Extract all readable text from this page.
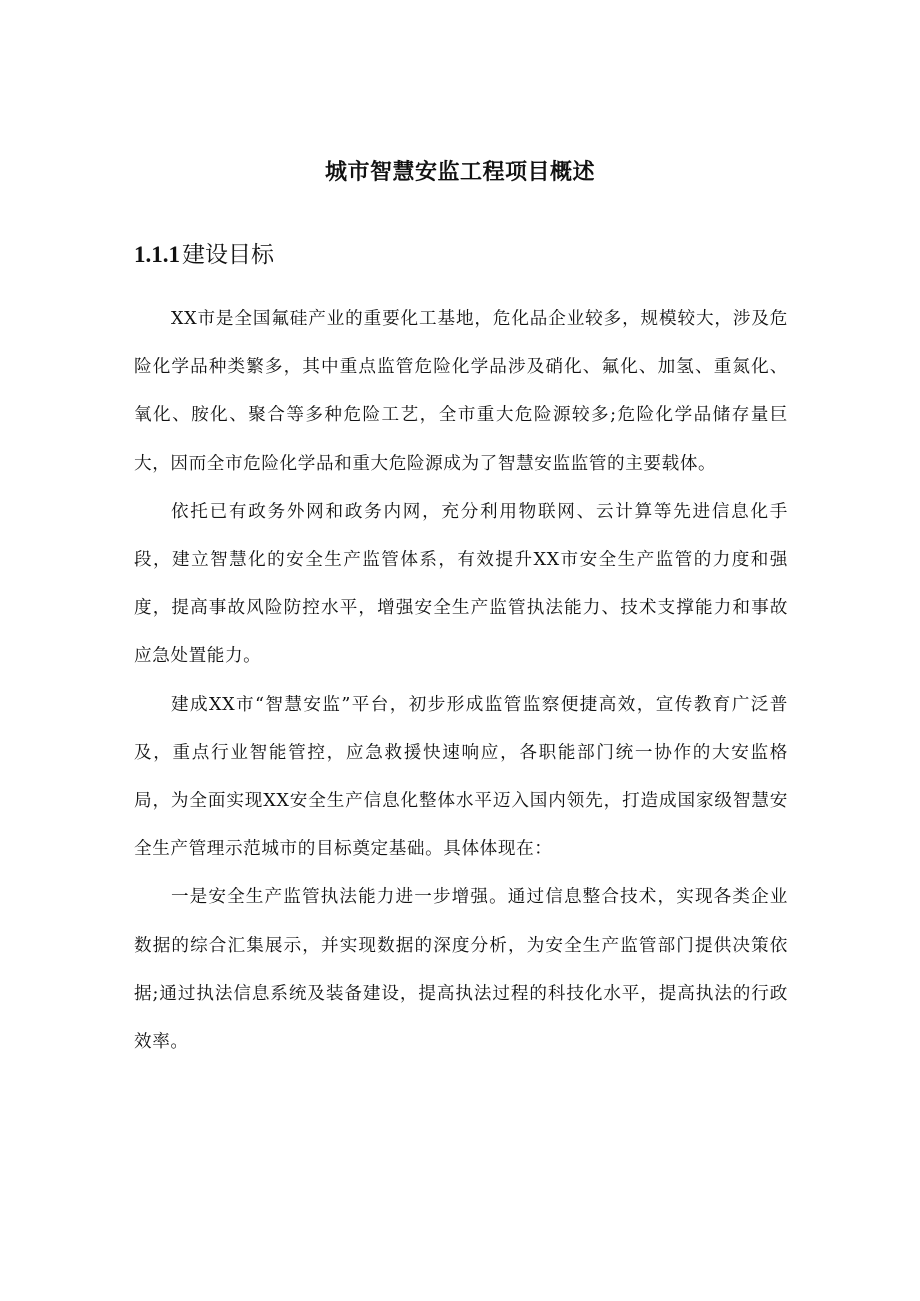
城市智慧安监工程项目概述
1.1.1建设目标

XX市是全国氟硅产业的重要化工基地，危化品企业较多，规模较大，涉及危险化学品种类繁多，其中重点监管危险化学品涉及硝化、氟化、加氢、重氮化、氧化、胺化、聚合等多种危险工艺，全市重大危险源较多;危险化学品储存量巨大，因而全市危险化学品和重大危险源成为了智慧安监监管的主要载体。

依托已有政务外网和政务内网，充分利用物联网、云计算等先进信息化手段，建立智慧化的安全生产监管体系，有效提升XX市安全生产监管的力度和强度，提高事故风险防控水平，增强安全生产监管执法能力、技术支撑能力和事故应急处置能力。

建成XX市“智慧安监”平台，初步形成监管监察便捷高效，宣传教育广泛普及，重点行业智能管控，应急救援快速响应，各职能部门统一协作的大安监格局，为全面实现XX安全生产信息化整体水平迈入国内领先，打造成国家级智慧安全生产管理示范城市的目标奠定基础。具体体现在：

一是安全生产监管执法能力进一步增强。通过信息整合技术，实现各类企业数据的综合汇集展示，并实现数据的深度分析，为安全生产监管部门提供决策依据;通过执法信息系统及装备建设，提高执法过程的科技化水平，提高执法的行政效率。
